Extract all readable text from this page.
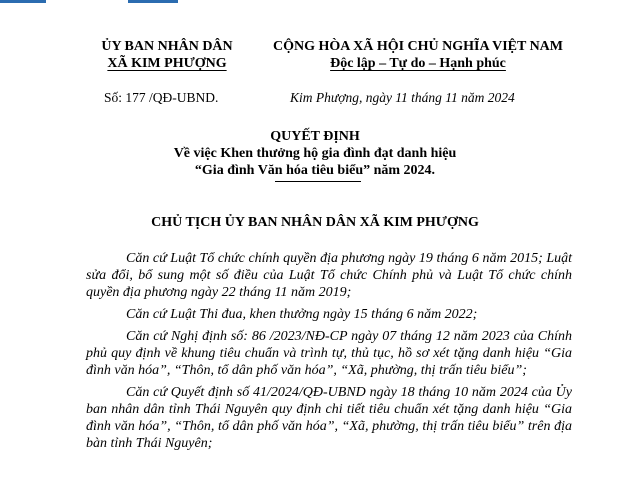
ỦY BAN NHÂN DÂN
XÃ KIM PHƯỢNG
CỘNG HÒA XÃ HỘI CHỦ NGHĨA VIỆT NAM
Độc lập – Tự do – Hạnh phúc
Số: 177 /QĐ-UBND.	Kim Phượng, ngày 11 tháng 11 năm 2024
QUYẾT ĐỊNH
Về việc Khen thưởng hộ gia đình đạt danh hiệu
“Gia đình Văn hóa tiêu biểu” năm 2024.
CHỦ TỊCH ỦY BAN NHÂN DÂN XÃ KIM PHƯỢNG

Căn cứ Luật Tổ chức chính quyền địa phương ngày 19 tháng 6 năm 2015; Luật sửa đổi, bổ sung một số điều của Luật Tổ chức Chính phủ và Luật Tổ chức chính quyền địa phương ngày 22 tháng 11 năm 2019;

Căn cứ Luật Thi đua, khen thưởng ngày 15 tháng 6 năm 2022;

Căn cứ Nghị định số: 86 /2023/NĐ-CP ngày 07 tháng 12 năm 2023 của Chính phủ quy định về khung tiêu chuẩn và trình tự, thủ tục, hồ sơ xét tặng danh hiệu “Gia đình văn hóa”, “Thôn, tổ dân phố văn hóa”, “Xã, phường, thị trấn tiêu biểu”;

Căn cứ Quyết định số 41/2024/QĐ-UBND ngày 18 tháng 10 năm 2024 của Ủy ban nhân dân tỉnh Thái Nguyên quy định chi tiết tiêu chuẩn xét tặng danh hiệu “Gia đình văn hóa”, “Thôn, tổ dân phố văn hóa”, “Xã, phường, thị trấn tiêu biểu” trên địa bàn tỉnh Thái Nguyên;
